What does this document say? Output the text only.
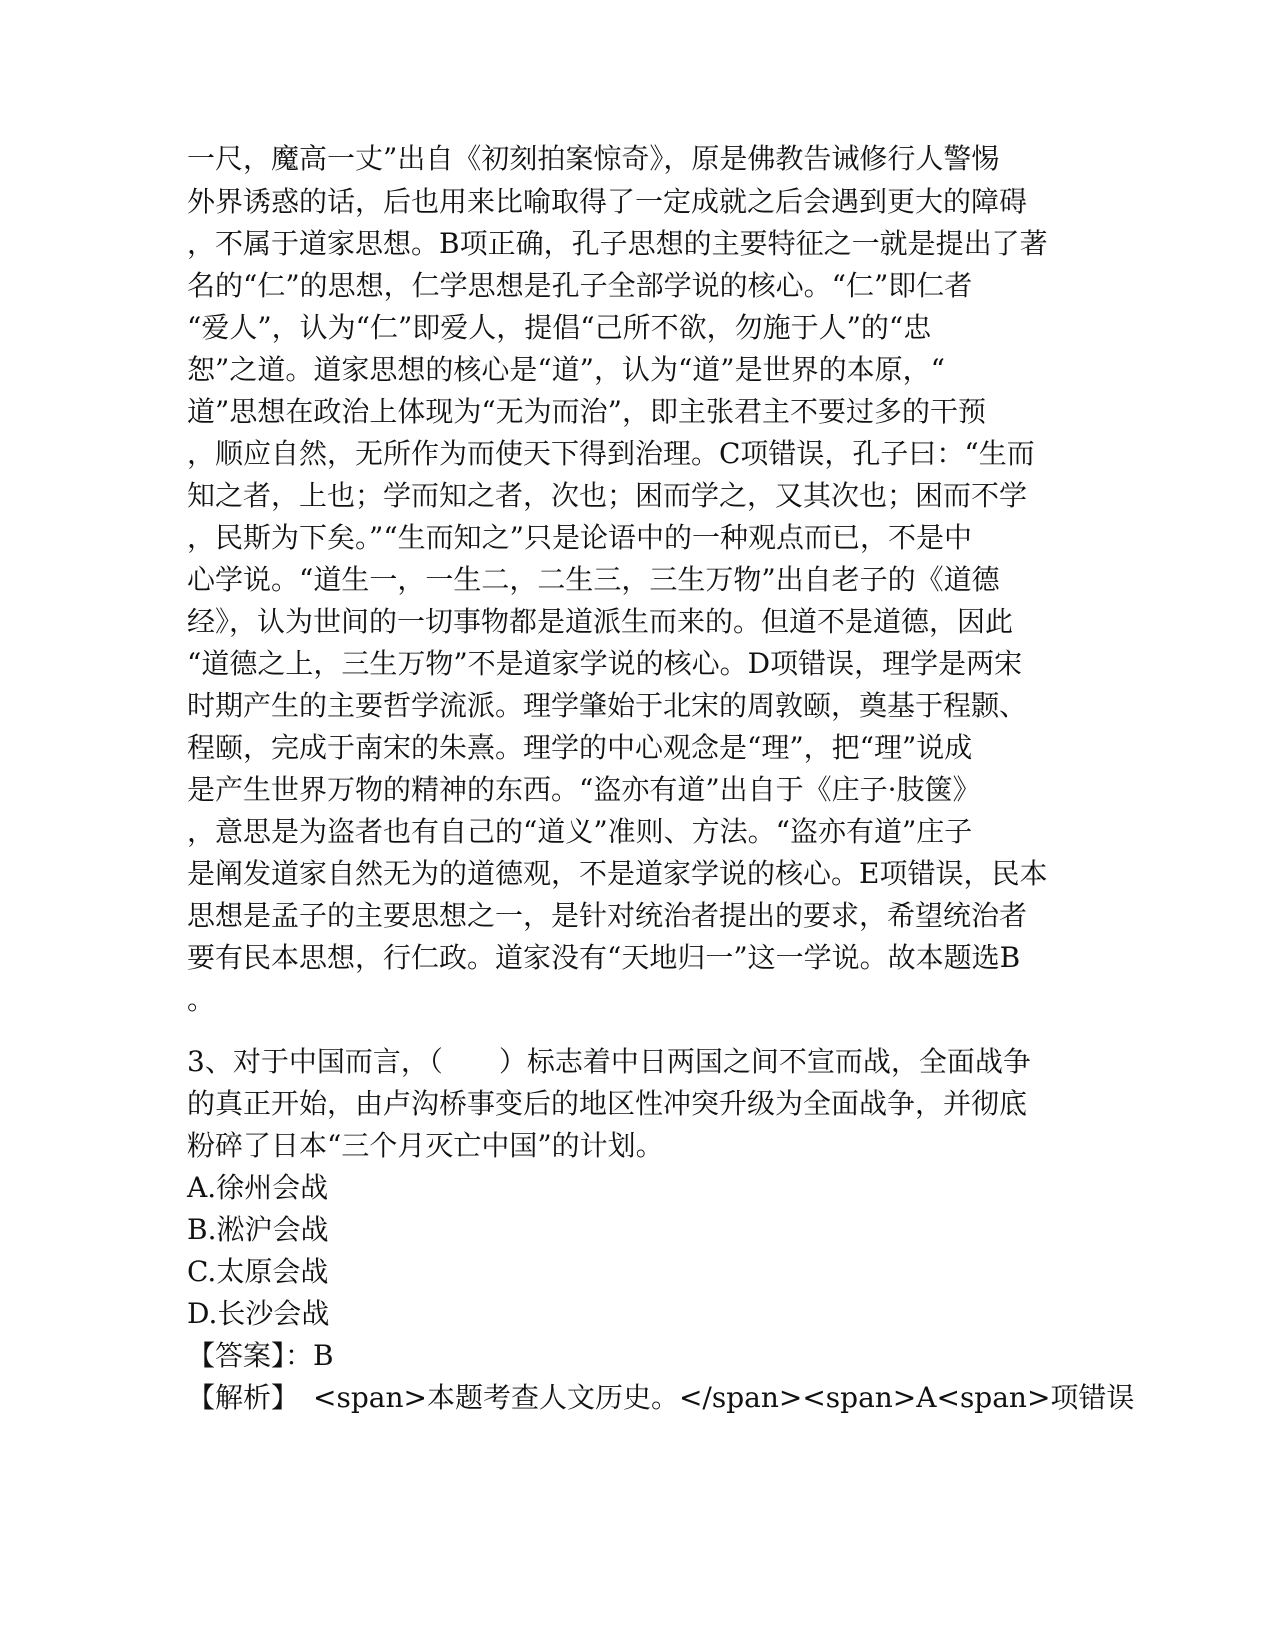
一尺，魔高一丈”出自《初刻拍案惊奇》，原是佛教告诫修行人警惕
外界诱惑的话，后也用来比喻取得了一定成就之后会遇到更大的障碍
，不属于道家思想。B项正确，孔子思想的主要特征之一就是提出了著
名的“仁”的思想，仁学思想是孔子全部学说的核心。“仁”即仁者
“爱人”，认为“仁”即爱人，提倡“己所不欲，勿施于人”的“忠
恕”之道。道家思想的核心是“道”，认为“道”是世界的本原，“
道”思想在政治上体现为“无为而治”，即主张君主不要过多的干预
，顺应自然，无所作为而使天下得到治理。C项错误，孔子曰：“生而
知之者，上也；学而知之者，次也；困而学之，又其次也；困而不学
，民斯为下矣。”“生而知之”只是论语中的一种观点而已，不是中
心学说。“道生一，一生二，二生三，三生万物”出自老子的《道德
经》，认为世间的一切事物都是道派生而来的。但道不是道德，因此
“道德之上，三生万物”不是道家学说的核心。D项错误，理学是两宋
时期产生的主要哲学流派。理学肇始于北宋的周敦颐，奠基于程颢、
程颐，完成于南宋的朱熹。理学的中心观念是“理”，把“理”说成
是产生世界万物的精神的东西。“盗亦有道”出自于《庄子·肢箧》
，意思是为盗者也有自己的“道义”准则、方法。“盗亦有道”庄子
是阐发道家自然无为的道德观，不是道家学说的核心。E项错误，民本
思想是孟子的主要思想之一，是针对统治者提出的要求，希望统治者
要有民本思想，行仁政。道家没有“天地归一”这一学说。故本题选B
。
3、对于中国而言，（　　）标志着中日两国之间不宣而战，全面战争
的真正开始，由卢沟桥事变后的地区性冲突升级为全面战争，并彻底
粉碎了日本“三个月灭亡中国”的计划。
A.徐州会战
B.淞沪会战
C.太原会战
D.长沙会战
【答案】：B
【解析】　<span>本题考查人文历史。</span><span>A<span>项错误
